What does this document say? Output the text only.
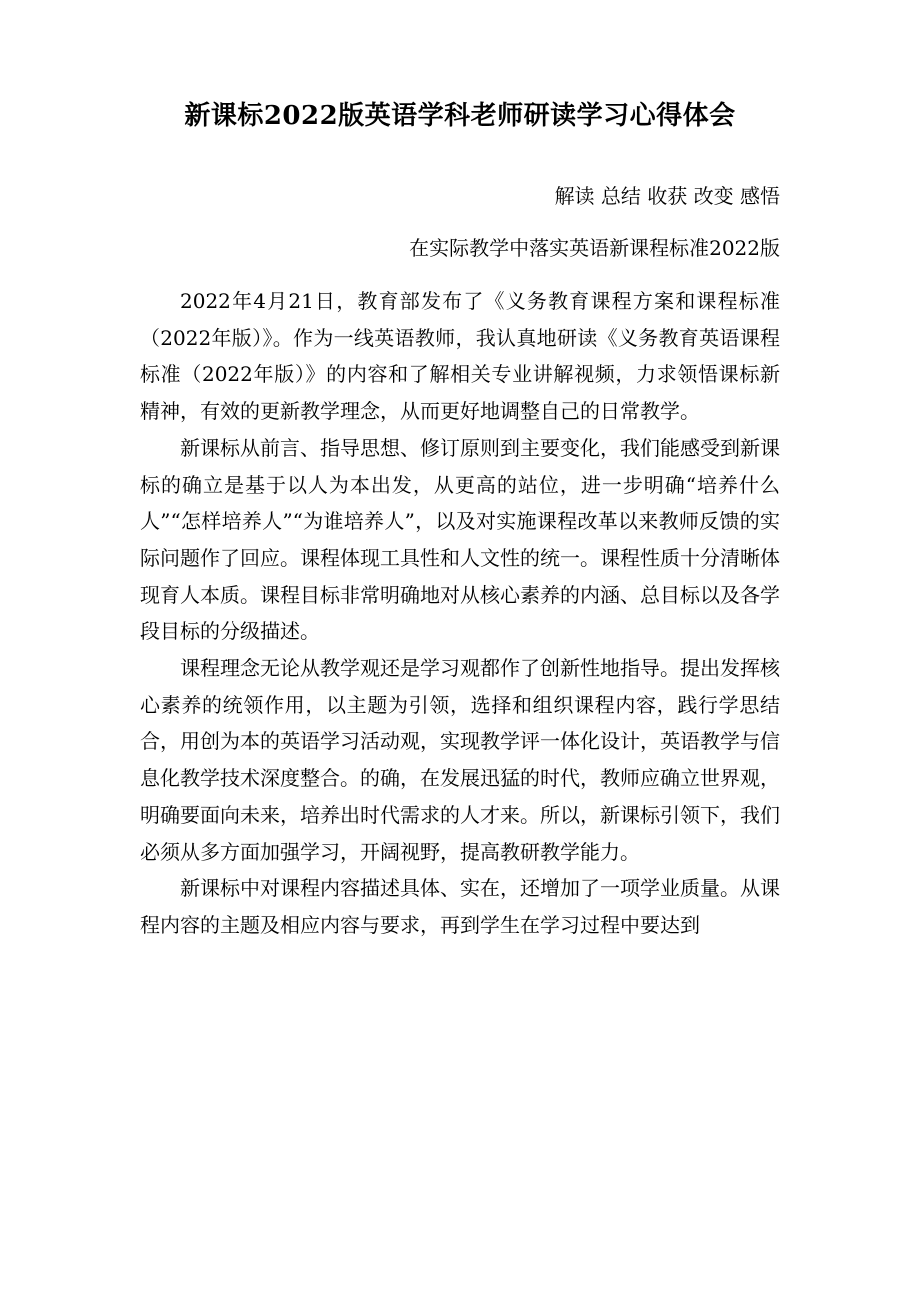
新课标2022版英语学科老师研读学习心得体会
解读 总结 收获 改变 感悟
在实际教学中落实英语新课程标准2022版

2022年4月21日，教育部发布了《义务教育课程方案和课程标准（2022年版）》。作为一线英语教师，我认真地研读《义务教育英语课程标准（2022年版）》的内容和了解相关专业讲解视频，力求领悟课标新精神，有效的更新教学理念，从而更好地调整自己的日常教学。

新课标从前言、指导思想、修订原则到主要变化，我们能感受到新课标的确立是基于以人为本出发，从更高的站位，进一步明确“培养什么人”“怎样培养人”“为谁培养人”，以及对实施课程改革以来教师反馈的实际问题作了回应。课程体现工具性和人文性的统一。课程性质十分清晰体现育人本质。课程目标非常明确地对从核心素养的内涵、总目标以及各学段目标的分级描述。

课程理念无论从教学观还是学习观都作了创新性地指导。提出发挥核心素养的统领作用，以主题为引领，选择和组织课程内容，践行学思结合，用创为本的英语学习活动观，实现教学评一体化设计，英语教学与信息化教学技术深度整合。的确，在发展迅猛的时代，教师应确立世界观，明确要面向未来，培养出时代需求的人才来。所以，新课标引领下，我们必须从多方面加强学习，开阔视野，提高教研教学能力。

新课标中对课程内容描述具体、实在，还增加了一项学业质量。从课程内容的主题及相应内容与要求，再到学生在学习过程中要达到
